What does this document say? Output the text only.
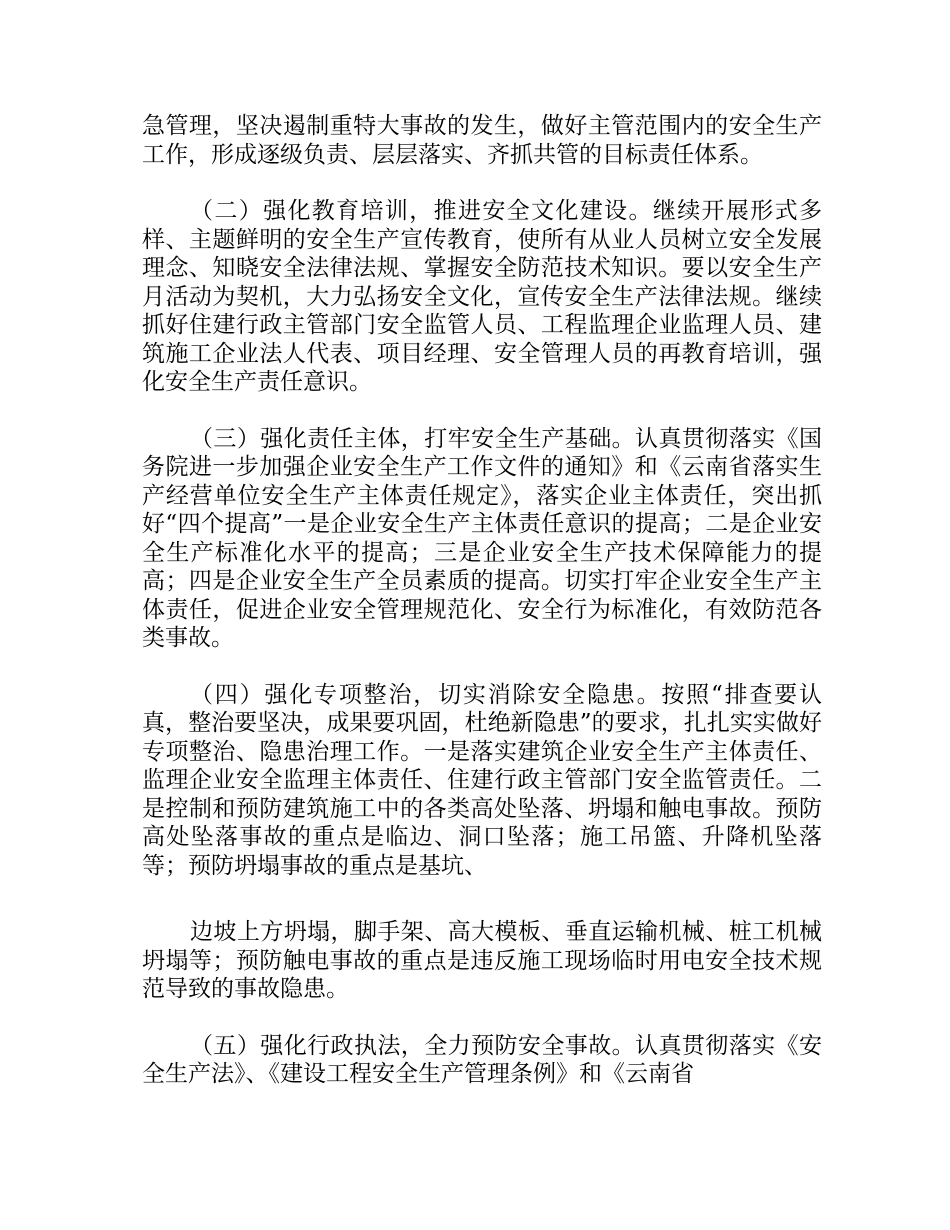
急管理，坚决遏制重特大事故的发生，做好主管范围内的安全生产工作，形成逐级负责、层层落实、齐抓共管的目标责任体系。

（二）强化教育培训，推进安全文化建设。继续开展形式多样、主题鲜明的安全生产宣传教育，使所有从业人员树立安全发展理念、知晓安全法律法规、掌握安全防范技术知识。要以安全生产月活动为契机，大力弘扬安全文化，宣传安全生产法律法规。继续抓好住建行政主管部门安全监管人员、工程监理企业监理人员、建筑施工企业法人代表、项目经理、安全管理人员的再教育培训，强化安全生产责任意识。

（三）强化责任主体，打牢安全生产基础。认真贯彻落实《国务院进一步加强企业安全生产工作文件的通知》和《云南省落实生产经营单位安全生产主体责任规定》，落实企业主体责任，突出抓好“四个提高”一是企业安全生产主体责任意识的提高；二是企业安全生产标准化水平的提高；三是企业安全生产技术保障能力的提高；四是企业安全生产全员素质的提高。切实打牢企业安全生产主体责任，促进企业安全管理规范化、安全行为标准化，有效防范各类事故。

（四）强化专项整治，切实消除安全隐患。按照“排查要认真，整治要坚决，成果要巩固，杜绝新隐患”的要求，扎扎实实做好专项整治、隐患治理工作。一是落实建筑企业安全生产主体责任、监理企业安全监理主体责任、住建行政主管部门安全监管责任。二是控制和预防建筑施工中的各类高处坠落、坍塌和触电事故。预防高处坠落事故的重点是临边、洞口坠落；施工吊篮、升降机坠落等；预防坍塌事故的重点是基坑、

边坡上方坍塌，脚手架、高大模板、垂直运输机械、桩工机械坍塌等；预防触电事故的重点是违反施工现场临时用电安全技术规范导致的事故隐患。

（五）强化行政执法，全力预防安全事故。认真贯彻落实《安全生产法》、《建设工程安全生产管理条例》和《云南省
